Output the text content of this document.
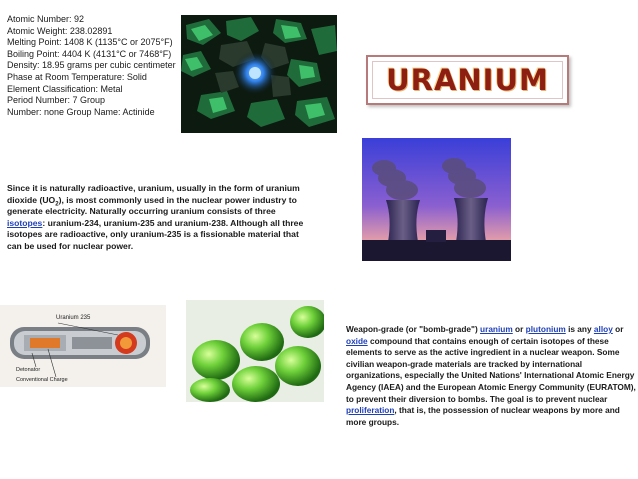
Atomic Number: 92
Atomic Weight: 238.02891
Melting Point: 1408 K (1135°C or 2075°F)
Boiling Point: 4404 K (4131°C or 7468°F)
Density: 18.95 grams per cubic centimeter
Phase at Room Temperature: Solid
Element Classification: Metal
Period Number: 7 Group
Number: none Group Name: Actinide
URANIUM
Since it is naturally radioactive, uranium, usually in the form of uranium dioxide $(UO_2)$, is most commonly used in the nuclear power industry to generate electricity. Naturally occurring uranium consists of three isotopes: uranium-234, uranium-235 and uranium-238. Although all three isotopes are radioactive, only uranium-235 is a fissionable material that can be used for nuclear power.
Uranium 235
Detonator
Conventional Charge
Weapon-grade (or "bomb-grade") uranium or plutonium is any alloy or oxide compound that contains enough of certain isotopes of these elements to serve as the active ingredient in a nuclear weapon. Some civilian weapon-grade materials are tracked by international organizations, especially the United Nations' International Atomic Energy Agency (IAEA) and the European Atomic Energy Community (EURATOM), to prevent their diversion to bombs. The goal is to prevent nuclear proliferation, that is, the possession of nuclear weapons by more and more groups.
